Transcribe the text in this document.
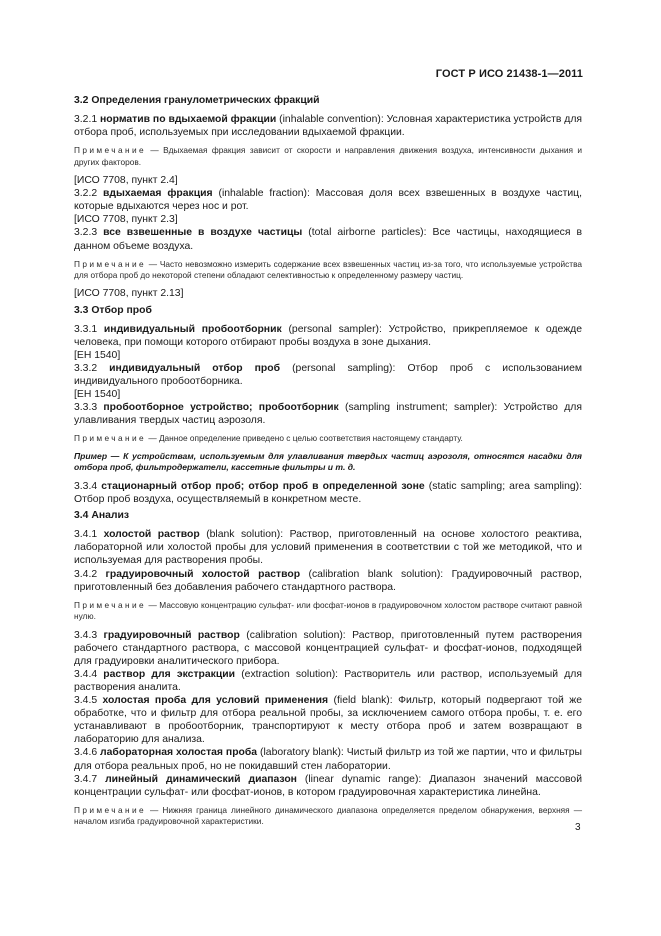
ГОСТ Р ИСО 21438-1—2011

3.2 Определения гранулометрических фракций

3.2.1 норматив по вдыхаемой фракции (inhalable convention): Условная характеристика устройств для отбора проб, используемых при исследовании вдыхаемой фракции.

Примечание — Вдыхаемая фракция зависит от скорости и направления движения воздуха, интенсивности дыхания и других факторов.

[ИСО 7708, пункт 2.4]

3.2.2 вдыхаемая фракция (inhalable fraction): Массовая доля всех взвешенных в воздухе частиц, которые вдыхаются через нос и рот.

[ИСО 7708, пункт 2.3]

3.2.3 все взвешенные в воздухе частицы (total airborne particles): Все частицы, находящиеся в данном объеме воздуха.

Примечание — Часто невозможно измерить содержание всех взвешенных частиц из-за того, что используемые устройства для отбора проб до некоторой степени обладают селективностью к определенному размеру частиц.

[ИСО 7708, пункт 2.13]

3.3 Отбор проб

3.3.1 индивидуальный пробоотборник (personal sampler): Устройство, прикрепляемое к одежде человека, при помощи которого отбирают пробы воздуха в зоне дыхания.

[EH 1540]

3.3.2 индивидуальный отбор проб (personal sampling): Отбор проб с использованием индивидуального пробоотборника.

[EH 1540]

3.3.3 пробоотборное устройство; пробоотборник (sampling instrument; sampler): Устройство для улавливания твердых частиц аэрозоля.

Примечание — Данное определение приведено с целью соответствия настоящему стандарту.
Пример — К устройствам, используемым для улавливания твердых частиц аэрозоля, относятся насадки для отбора проб, фильтродержатели, кассетные фильтры и т. д.

3.3.4 стационарный отбор проб; отбор проб в определенной зоне (static sampling; area sampling): Отбор проб воздуха, осуществляемый в конкретном месте.

3.4 Анализ

3.4.1 холостой раствор (blank solution): Раствор, приготовленный на основе холостого реактива, лабораторной или холостой пробы для условий применения в соответствии с той же методикой, что и используемая для растворения пробы.

3.4.2 градуировочный холостой раствор (calibration blank solution): Градуировочный раствор, приготовленный без добавления рабочего стандартного раствора.

Примечание — Массовую концентрацию сульфат- или фосфат-ионов в градуировочном холостом растворе считают равной нулю.

3.4.3 градуировочный раствор (calibration solution): Раствор, приготовленный путем растворения рабочего стандартного раствора, с массовой концентрацией сульфат- и фосфат-ионов, подходящей для градуировки аналитического прибора.

3.4.4 раствор для экстракции (extraction solution): Растворитель или раствор, используемый для растворения аналита.

3.4.5 холостая проба для условий применения (field blank): Фильтр, который подвергают той же обработке, что и фильтр для отбора реальной пробы, за исключением самого отбора пробы, т. е. его устанавливают в пробоотборник, транспортируют к месту отбора проб и затем возвращают в лабораторию для анализа.

3.4.6 лабораторная холостая проба (laboratory blank): Чистый фильтр из той же партии, что и фильтры для отбора реальных проб, но не покидавший стен лаборатории.

3.4.7 линейный динамический диапазон (linear dynamic range): Диапазон значений массовой концентрации сульфат- или фосфат-ионов, в котором градуировочная характеристика линейна.

Примечание — Нижняя граница линейного динамического диапазона определяется пределом обнаружения, верхняя — началом изгиба градуировочной характеристики.
3
